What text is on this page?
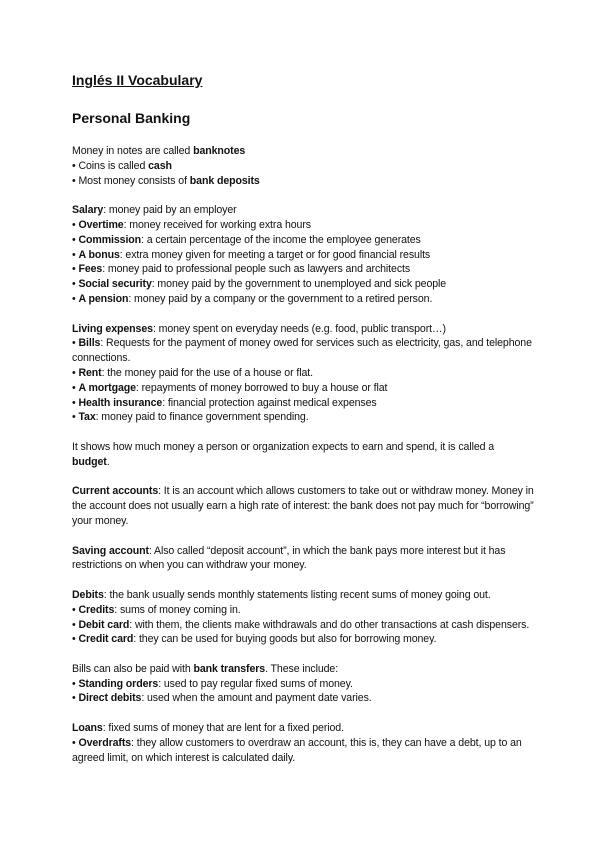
Inglés II Vocabulary
Personal Banking

Money in notes are called banknotes

• Coins is called cash

• Most money consists of bank deposits

Salary: money paid by an employer

• Overtime: money received for working extra hours

• Commission: a certain percentage of the income the employee generates

• A bonus: extra money given for meeting a target or for good financial results

• Fees: money paid to professional people such as lawyers and architects

• Social security: money paid by the government to unemployed and sick people

• A pension: money paid by a company or the government to a retired person.

Living expenses: money spent on everyday needs (e.g. food, public transport…)

• Bills: Requests for the payment of money owed for services such as electricity, gas, and telephone connections.

• Rent: the money paid for the use of a house or flat.

• A mortgage: repayments of money borrowed to buy a house or flat

• Health insurance: financial protection against medical expenses

• Tax: money paid to finance government spending.

It shows how much money a person or organization expects to earn and spend, it is called a budget.

Current accounts: It is an account which allows customers to take out or withdraw money. Money in the account does not usually earn a high rate of interest: the bank does not pay much for “borrowing” your money.

Saving account: Also called “deposit account”, in which the bank pays more interest but it has restrictions on when you can withdraw your money.

Debits: the bank usually sends monthly statements listing recent sums of money going out.

• Credits: sums of money coming in.

• Debit card: with them, the clients make withdrawals and do other transactions at cash dispensers.

• Credit card: they can be used for buying goods but also for borrowing money.

Bills can also be paid with bank transfers. These include:

• Standing orders: used to pay regular fixed sums of money.

• Direct debits: used when the amount and payment date varies.

Loans: fixed sums of money that are lent for a fixed period.

• Overdrafts: they allow customers to overdraw an account, this is, they can have a debt, up to an agreed limit, on which interest is calculated daily.
